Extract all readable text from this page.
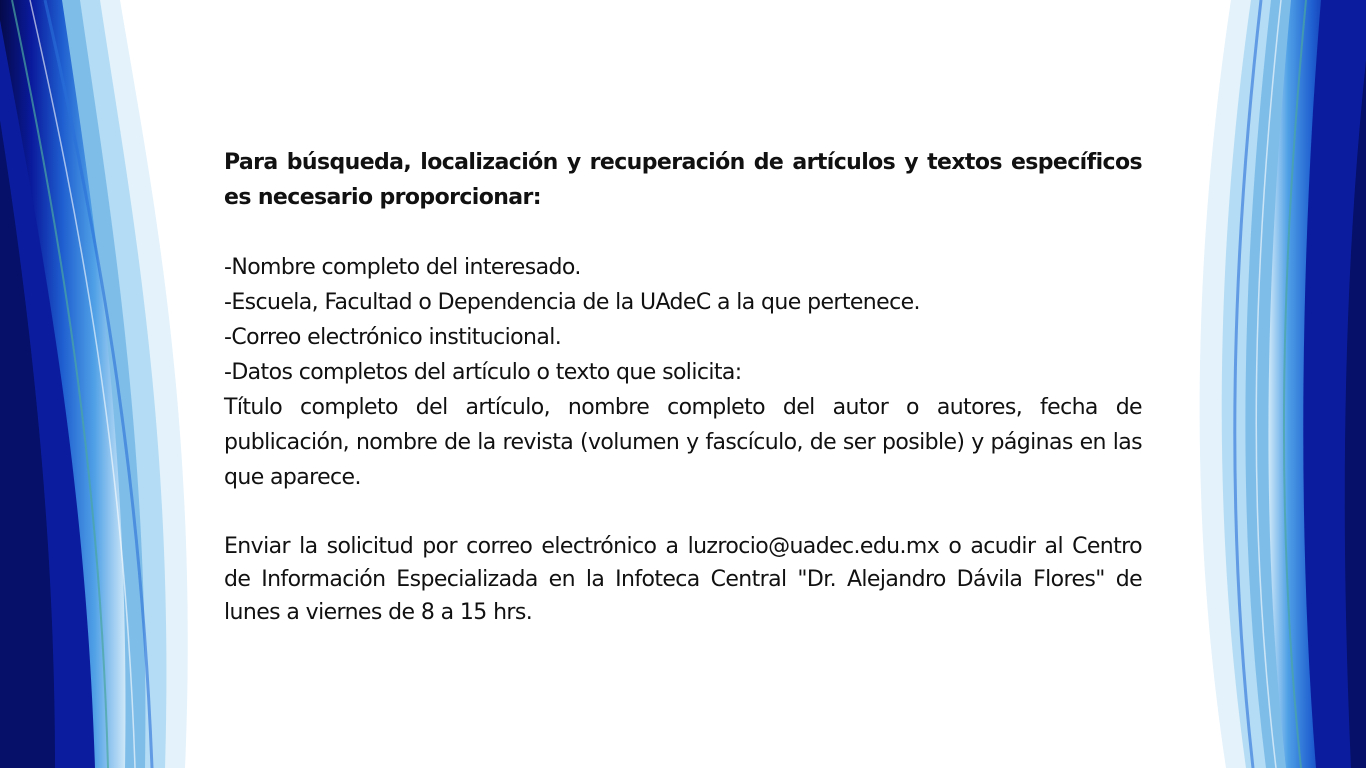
Para búsqueda, localización y recuperación de artículos y textos específicos es necesario proporcionar:

-Nombre completo del interesado.

-Escuela, Facultad o Dependencia de la UAdeC a la que pertenece.

-Correo electrónico institucional.

-Datos completos del artículo o texto que solicita:

Título completo del artículo, nombre completo del autor o autores, fecha de publicación, nombre de la revista (volumen y fascículo, de ser posible) y páginas en las que aparece.

Enviar la solicitud por correo electrónico a luzrocio@uadec.edu.mx o acudir al Centro de Información Especializada en la Infoteca Central "Dr. Alejandro Dávila Flores" de lunes a viernes de 8 a 15 hrs.
